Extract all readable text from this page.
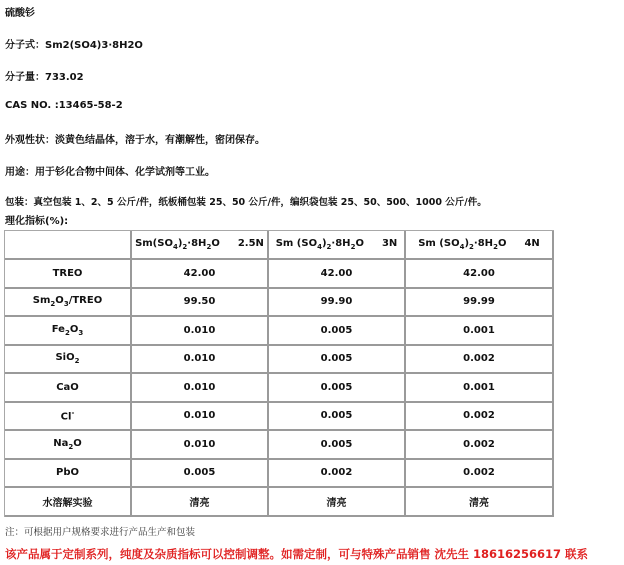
硫酸钐
分子式：Sm2(SO4)3·8H2O
分子量：733.02
CAS NO. :13465-58-2
外观性状：淡黄色结晶体，溶于水，有潮解性，密闭保存。
用途：用于钐化合物中间体、化学试剂等工业。
包装：真空包装 1、2、5 公斤/件，纸板桶包装 25、50 公斤/件，编织袋包装 25、50、500、1000 公斤/件。
理化指标(%):

	$Sm(SO_4)_2\cdot 8H_2O$ 2.5N	Sm $(SO_4)_2\cdot 8H_2O$ 3N	Sm $(SO_4)_2\cdot 8H_2O$ 4N

TREO	42.00	42.00	42.00
$Sm_2O_3$/TREO	99.50	99.90	99.99
$Fe_2O_3$	0.010	0.005	0.001
SiO$_2$	0.010	0.005	0.002
CaO	0.010	0.005	0.001
Cl-	0.010	0.005	0.002
$Na_2O$	0.010	0.005	0.002
PbO	0.005	0.002	0.002
水溶解实验	清亮	清亮	清亮
注：可根据用户规格要求进行产品生产和包装
该产品属于定制系列，纯度及杂质指标可以控制调整。如需定制，可与特殊产品销售 沈先生 18616256617 联系
